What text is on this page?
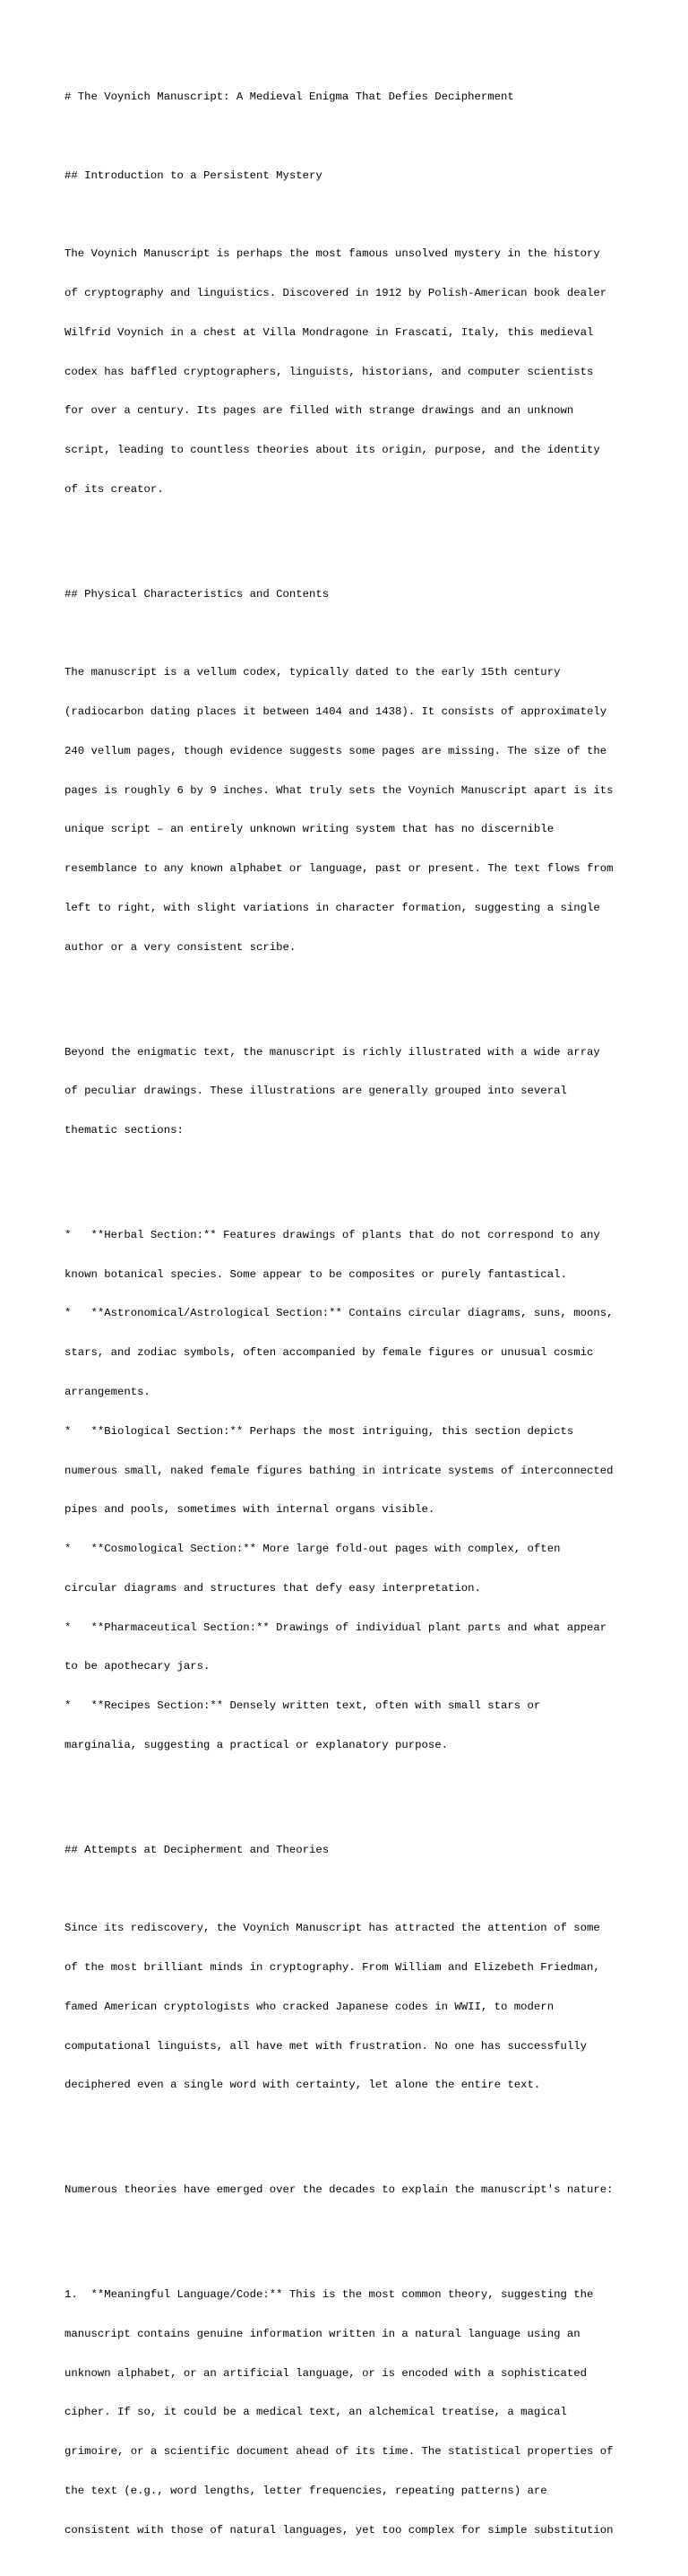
# The Voynich Manuscript: A Medieval Enigma That Defies Decipherment

## Introduction to a Persistent Mystery

The Voynich Manuscript is perhaps the most famous unsolved mystery in the history

of cryptography and linguistics. Discovered in 1912 by Polish-American book dealer

Wilfrid Voynich in a chest at Villa Mondragone in Frascati, Italy, this medieval

codex has baffled cryptographers, linguists, historians, and computer scientists

for over a century. Its pages are filled with strange drawings and an unknown

script, leading to countless theories about its origin, purpose, and the identity

of its creator.

## Physical Characteristics and Contents

The manuscript is a vellum codex, typically dated to the early 15th century

(radiocarbon dating places it between 1404 and 1438). It consists of approximately

240 vellum pages, though evidence suggests some pages are missing. The size of the

pages is roughly 6 by 9 inches. What truly sets the Voynich Manuscript apart is its

unique script – an entirely unknown writing system that has no discernible

resemblance to any known alphabet or language, past or present. The text flows from

left to right, with slight variations in character formation, suggesting a single

author or a very consistent scribe.

Beyond the enigmatic text, the manuscript is richly illustrated with a wide array

of peculiar drawings. These illustrations are generally grouped into several

thematic sections:

*   **Herbal Section:** Features drawings of plants that do not correspond to any

known botanical species. Some appear to be composites or purely fantastical.

*   **Astronomical/Astrological Section:** Contains circular diagrams, suns, moons,

stars, and zodiac symbols, often accompanied by female figures or unusual cosmic

arrangements.

*   **Biological Section:** Perhaps the most intriguing, this section depicts

numerous small, naked female figures bathing in intricate systems of interconnected

pipes and pools, sometimes with internal organs visible.

*   **Cosmological Section:** More large fold-out pages with complex, often

circular diagrams and structures that defy easy interpretation.

*   **Pharmaceutical Section:** Drawings of individual plant parts and what appear

to be apothecary jars.

*   **Recipes Section:** Densely written text, often with small stars or

marginalia, suggesting a practical or explanatory purpose.

## Attempts at Decipherment and Theories

Since its rediscovery, the Voynich Manuscript has attracted the attention of some

of the most brilliant minds in cryptography. From William and Elizebeth Friedman,

famed American cryptologists who cracked Japanese codes in WWII, to modern

computational linguists, all have met with frustration. No one has successfully

deciphered even a single word with certainty, let alone the entire text.

Numerous theories have emerged over the decades to explain the manuscript's nature:

1.  **Meaningful Language/Code:** This is the most common theory, suggesting the

manuscript contains genuine information written in a natural language using an

unknown alphabet, or an artificial language, or is encoded with a sophisticated

cipher. If so, it could be a medical text, an alchemical treatise, a magical

grimoire, or a scientific document ahead of its time. The statistical properties of

the text (e.g., word lengths, letter frequencies, repeating patterns) are

consistent with those of natural languages, yet too complex for simple substitution
